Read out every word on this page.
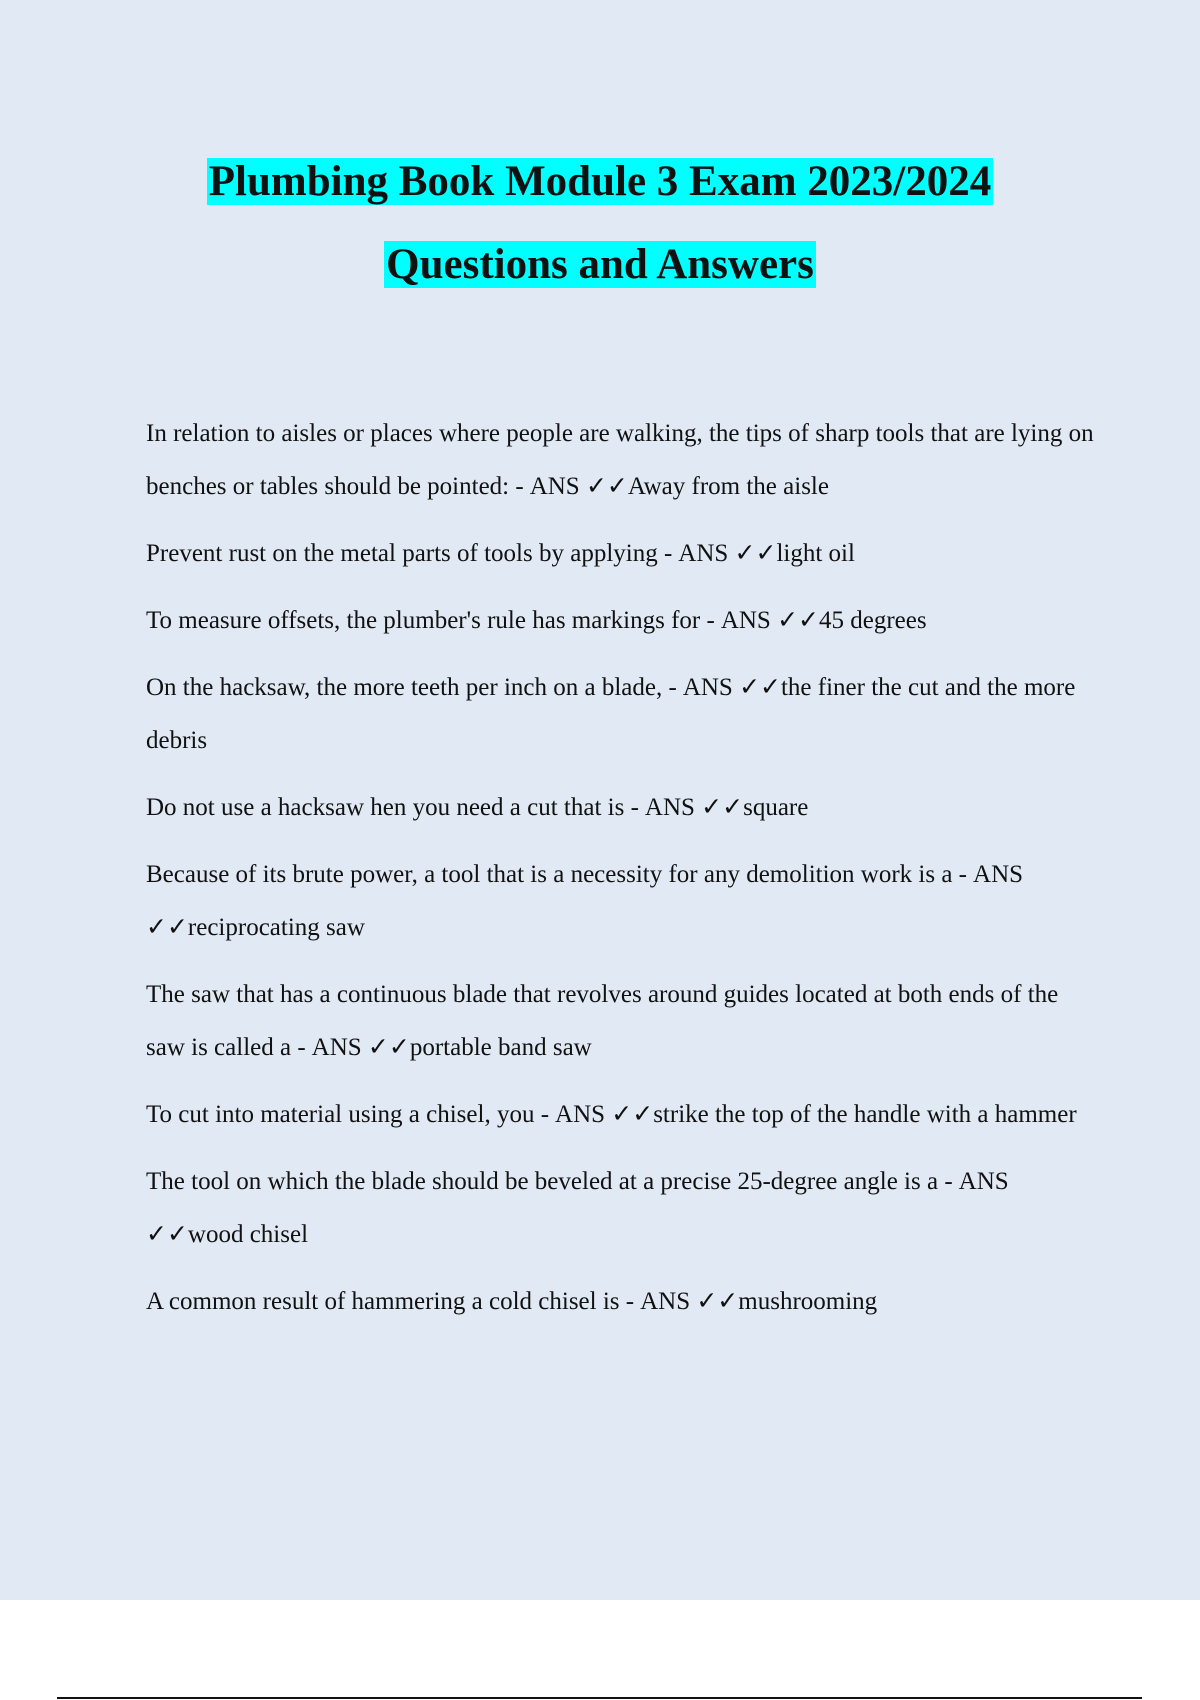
Plumbing Book Module 3 Exam 2023/2024
Questions and Answers
In relation to aisles or places where people are walking, the tips of sharp tools that are lying on benches or tables should be pointed: - ANS ✓✓Away from the aisle
Prevent rust on the metal parts of tools by applying - ANS ✓✓light oil
To measure offsets, the plumber's rule has markings for - ANS ✓✓45 degrees
On the hacksaw, the more teeth per inch on a blade, - ANS ✓✓the finer the cut and the more debris
Do not use a hacksaw hen you need a cut that is - ANS ✓✓square
Because of its brute power, a tool that is a necessity for any demolition work is a - ANS ✓✓reciprocating saw
The saw that has a continuous blade that revolves around guides located at both ends of the saw is called a - ANS ✓✓portable band saw
To cut into material using a chisel, you - ANS ✓✓strike the top of the handle with a hammer
The tool on which the blade should be beveled at a precise 25-degree angle is a - ANS ✓✓wood chisel
A common result of hammering a cold chisel is - ANS ✓✓mushrooming
